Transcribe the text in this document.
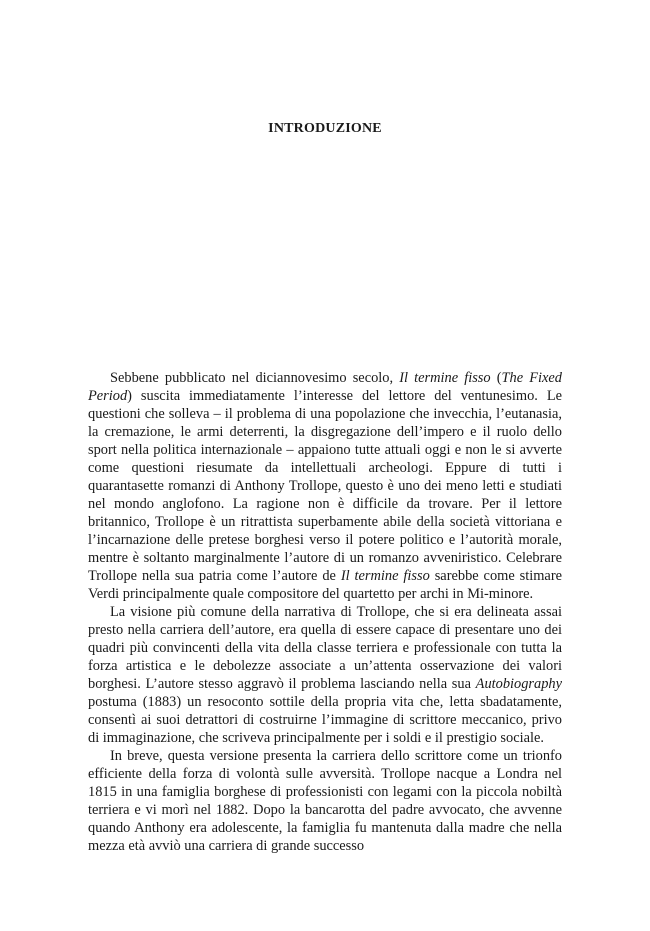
INTRODUZIONE

Sebbene pubblicato nel diciannovesimo secolo, Il termine fisso (The Fixed Period) suscita immediatamente l’interesse del lettore del ventunesimo. Le questioni che solleva – il problema di una popolazione che invecchia, l’eutanasia, la cremazione, le armi deterrenti, la disgregazione dell’impero e il ruolo dello sport nella politica internazionale – appaiono tutte attuali oggi e non le si avverte come questioni riesumate da intellettuali archeologi. Eppure di tutti i quarantasette romanzi di Anthony Trollope, questo è uno dei meno letti e studiati nel mondo anglofono. La ragione non è difficile da trovare. Per il lettore britannico, Trollope è un ritrattista superbamente abile della società vittoriana e l’incarnazione delle pretese borghesi verso il potere politico e l’autorità morale, mentre è soltanto marginalmente l’autore di un romanzo avveniristico. Celebrare Trollope nella sua patria come l’autore de Il termine fisso sarebbe come stimare Verdi principalmente quale compositore del quartetto per archi in Mi-minore.

La visione più comune della narrativa di Trollope, che si era delineata assai presto nella carriera dell’autore, era quella di essere capace di presentare uno dei quadri più convincenti della vita della classe terriera e professionale con tutta la forza artistica e le debolezze associate a un’attenta osservazione dei valori borghesi. L’autore stesso aggravò il problema lasciando nella sua Autobiography postuma (1883) un resoconto sottile della propria vita che, letta sbadatamente, consentì ai suoi detrattori di costruirne l’immagine di scrittore meccanico, privo di immaginazione, che scriveva principalmente per i soldi e il prestigio sociale.

In breve, questa versione presenta la carriera dello scrittore come un trionfo efficiente della forza di volontà sulle avversità. Trollope nacque a Londra nel 1815 in una famiglia borghese di professionisti con legami con la piccola nobiltà terriera e vi morì nel 1882. Dopo la bancarotta del padre avvocato, che avvenne quando Anthony era adolescente, la famiglia fu mantenuta dalla madre che nella mezza età avviò una carriera di grande successo
